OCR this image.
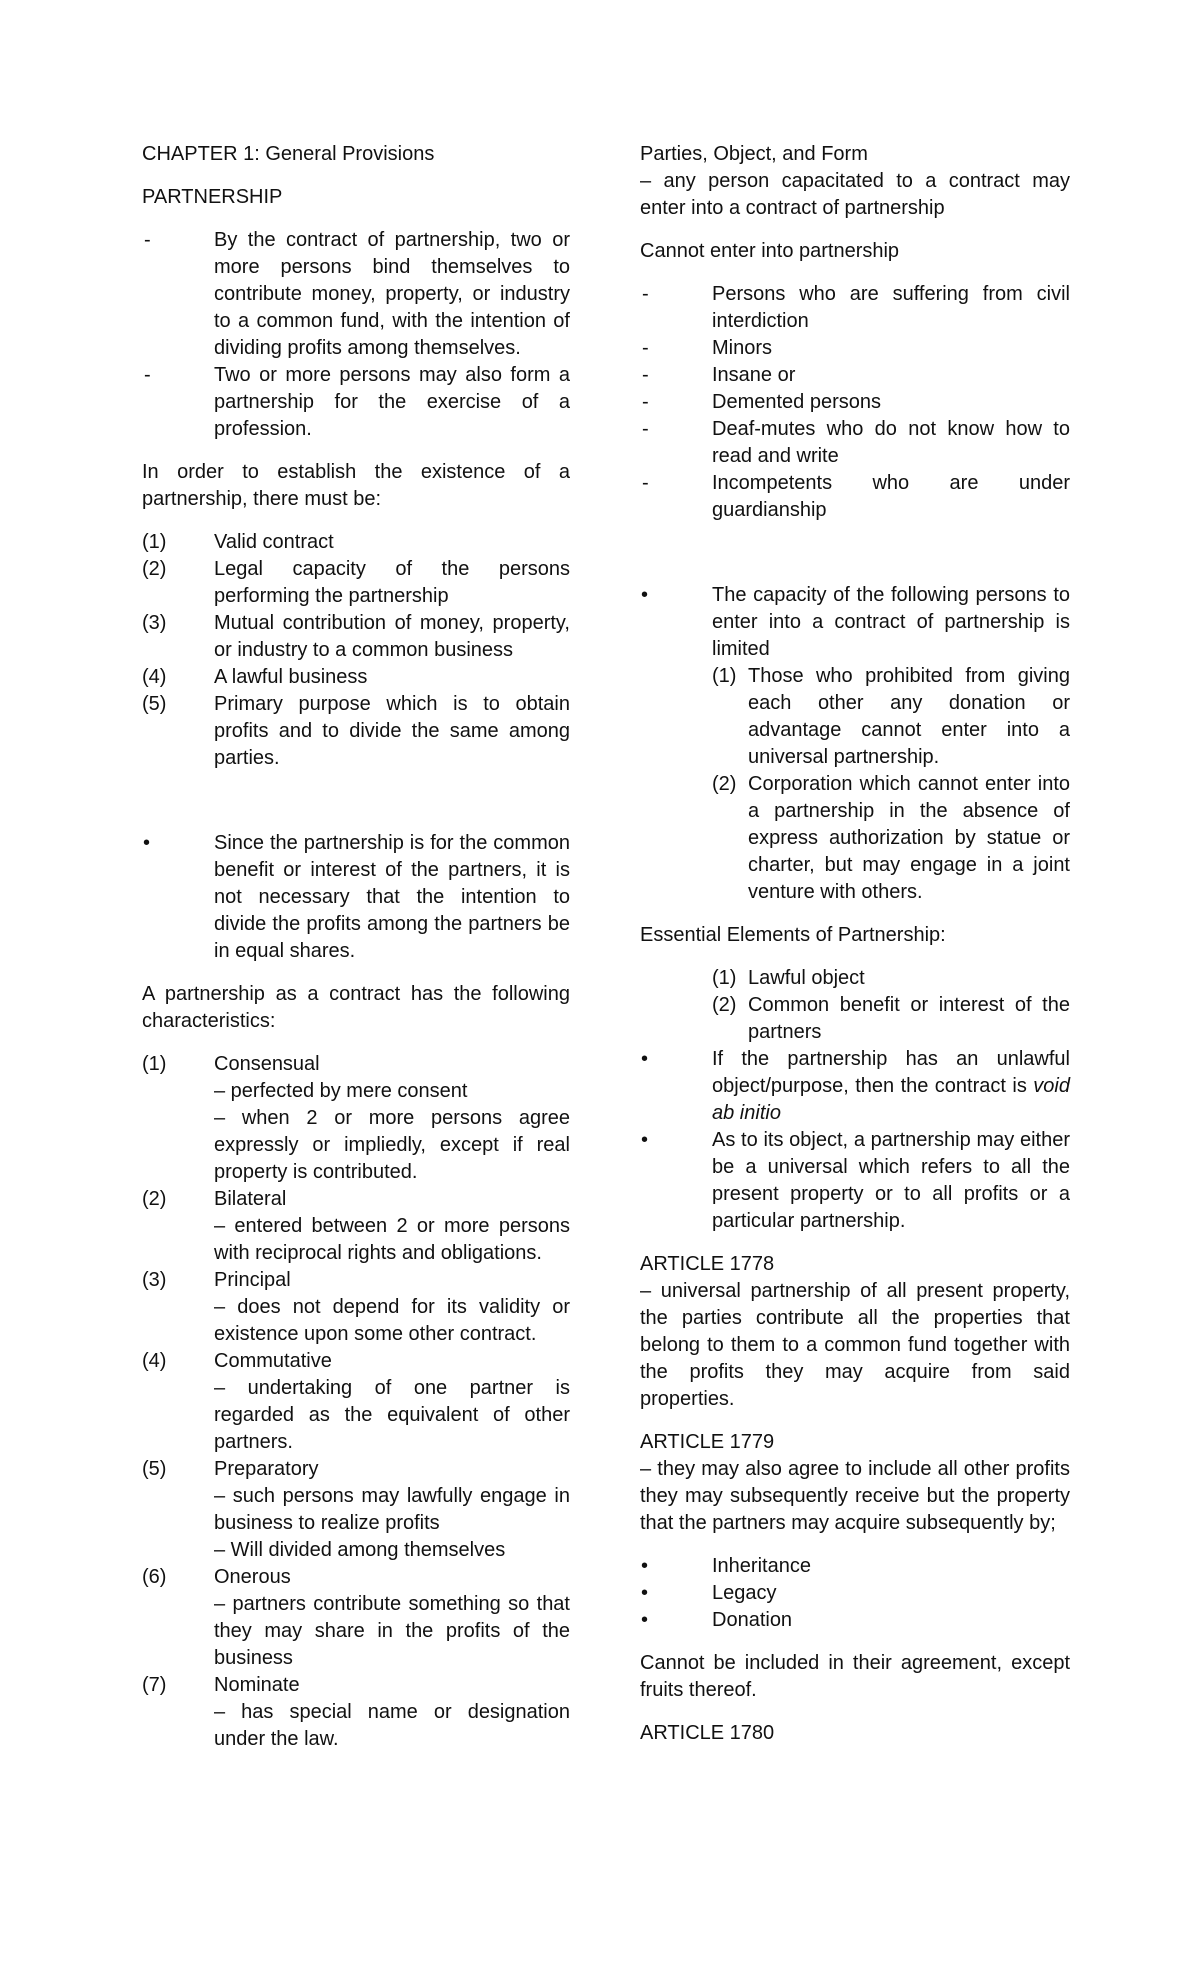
CHAPTER 1: General Provisions

PARTNERSHIP

-	By the contract of partnership, two or more persons bind themselves to contribute money, property, or industry to a common fund, with the intention of dividing profits among themselves.
-	Two or more persons may also form a partnership for the exercise of a profession.

In order to establish the existence of a partnership, there must be:

(1)	Valid contract
(2)	Legal capacity of the persons performing the partnership
(3)	Mutual contribution of money, property, or industry to a common business
(4)	A lawful business
(5)	Primary purpose which is to obtain profits and to divide the same among parties.
•	Since the partnership is for the common benefit or interest of the partners, it is not necessary that the intention to divide the profits among the partners be in equal shares.

A partnership as a contract has the following characteristics:

(1)	Consensual
– perfected by mere consent
– when 2 or more persons agree expressly or impliedly, except if real property is contributed.
(2)	Bilateral
– entered between 2 or more persons with reciprocal rights and obligations.
(3)	Principal
– does not depend for its validity or existence upon some other contract.
(4)	Commutative
– undertaking of one partner is regarded as the equivalent of other partners.
(5)	Preparatory
– such persons may lawfully engage in business to realize profits
– Will divided among themselves
(6)	Onerous
– partners contribute something so that they may share in the profits of the business
(7)	Nominate
– has special name or designation under the law.

Parties, Object, and Form
– any person capacitated to a contract may enter into a contract of partnership

Cannot enter into partnership

-	Persons who are suffering from civil interdiction
-	Minors
-	Insane or
-	Demented persons
-	Deaf-mutes who do not know how to read and write
-	Incompetents who are under guardianship
•	The capacity of the following persons to enter into a contract of partnership is limited
(1) Those who prohibited from giving each other any donation or advantage cannot enter into a universal partnership.
(2) Corporation which cannot enter into a partnership in the absence of express authorization by statue or charter, but may engage in a joint venture with others.

Essential Elements of Partnership:

(1) Lawful object
(2) Common benefit or interest of the partners
•	If the partnership has an unlawful object/purpose, then the contract is void ab initio
•	As to its object, a partnership may either be a universal which refers to all the present property or to all profits or a particular partnership.

ARTICLE 1778
– universal partnership of all present property, the parties contribute all the properties that belong to them to a common fund together with the profits they may acquire from said properties.

ARTICLE 1779
– they may also agree to include all other profits they may subsequently receive but the property that the partners may acquire subsequently by;

•	Inheritance
•	Legacy
•	Donation

Cannot be included in their agreement, except fruits thereof.

ARTICLE 1780
